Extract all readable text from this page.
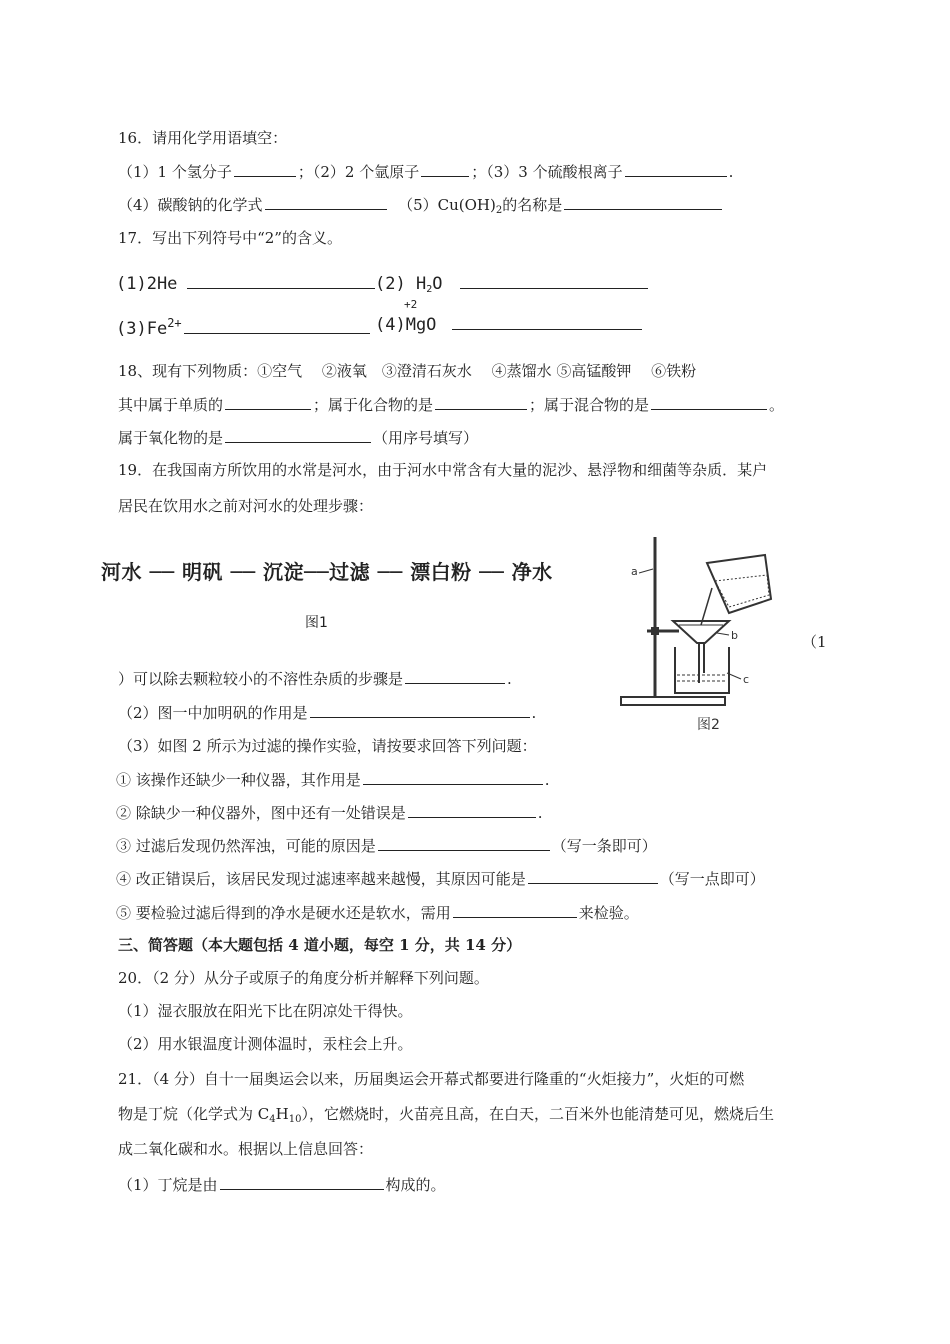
16．请用化学用语填空：
（1）1 个氢分子	；（2）2 个氩原子	；（3）3 个硫酸根离子	.
（4）碳酸钠的化学式	$(5)Cu(OH)_2$的名称是
17．写出下列符号中“2”的含义。
(1)2He	(2) $H_2O$
$(3)Fe^{2+}$	(4)MgO
+2
18、现有下列物质：①空气　 ②液氧　③澄清石灰水　 ④蒸馏水 ⑤高锰酸钾　 ⑥铁粉
其中属于单质的	；属于化合物的是	；属于混合物的是	。
属于氧化物的是	（用序号填写）
19．在我国南方所饮用的水常是河水，由于河水中常含有大量的泥沙、悬浮物和细菌等杂质．某户
居民在饮用水之前对河水的处理步骤：
河水 ── 明矾 ── 沉淀──过滤 ── 漂白粉 ── 净水
图1
a
b
c
图2
（1
）可以除去颗粒较小的不溶性杂质的步骤是	.
（2）图一中加明矾的作用是	.
（3）如图 2 所示为过滤的操作实验，请按要求回答下列问题：
① 该操作还缺少一种仪器，其作用是	.
② 除缺少一种仪器外，图中还有一处错误是	.
③ 过滤后发现仍然浑浊，可能的原因是	（写一条即可）
④ 改正错误后，该居民发现过滤速率越来越慢，其原因可能是	（写一点即可）
⑤ 要检验过滤后得到的净水是硬水还是软水，需用	来检验。
三、简答题（本大题包括 4 道小题，每空 1 分，共 14 分）
20．（2 分）从分子或原子的角度分析并解释下列问题。
（1）湿衣服放在阳光下比在阴凉处干得快。
（2）用水银温度计测体温时，汞柱会上升。
21．（4 分）自十一届奥运会以来，历届奥运会开幕式都要进行隆重的“火炬接力”，火炬的可燃
物是丁烷（化学式为 $C_4H_{10}$），它燃烧时，火苗亮且高，在白天，二百米外也能清楚可见，燃烧后生
成二氧化碳和水。根据以上信息回答：
（1）丁烷是由	构成的。
